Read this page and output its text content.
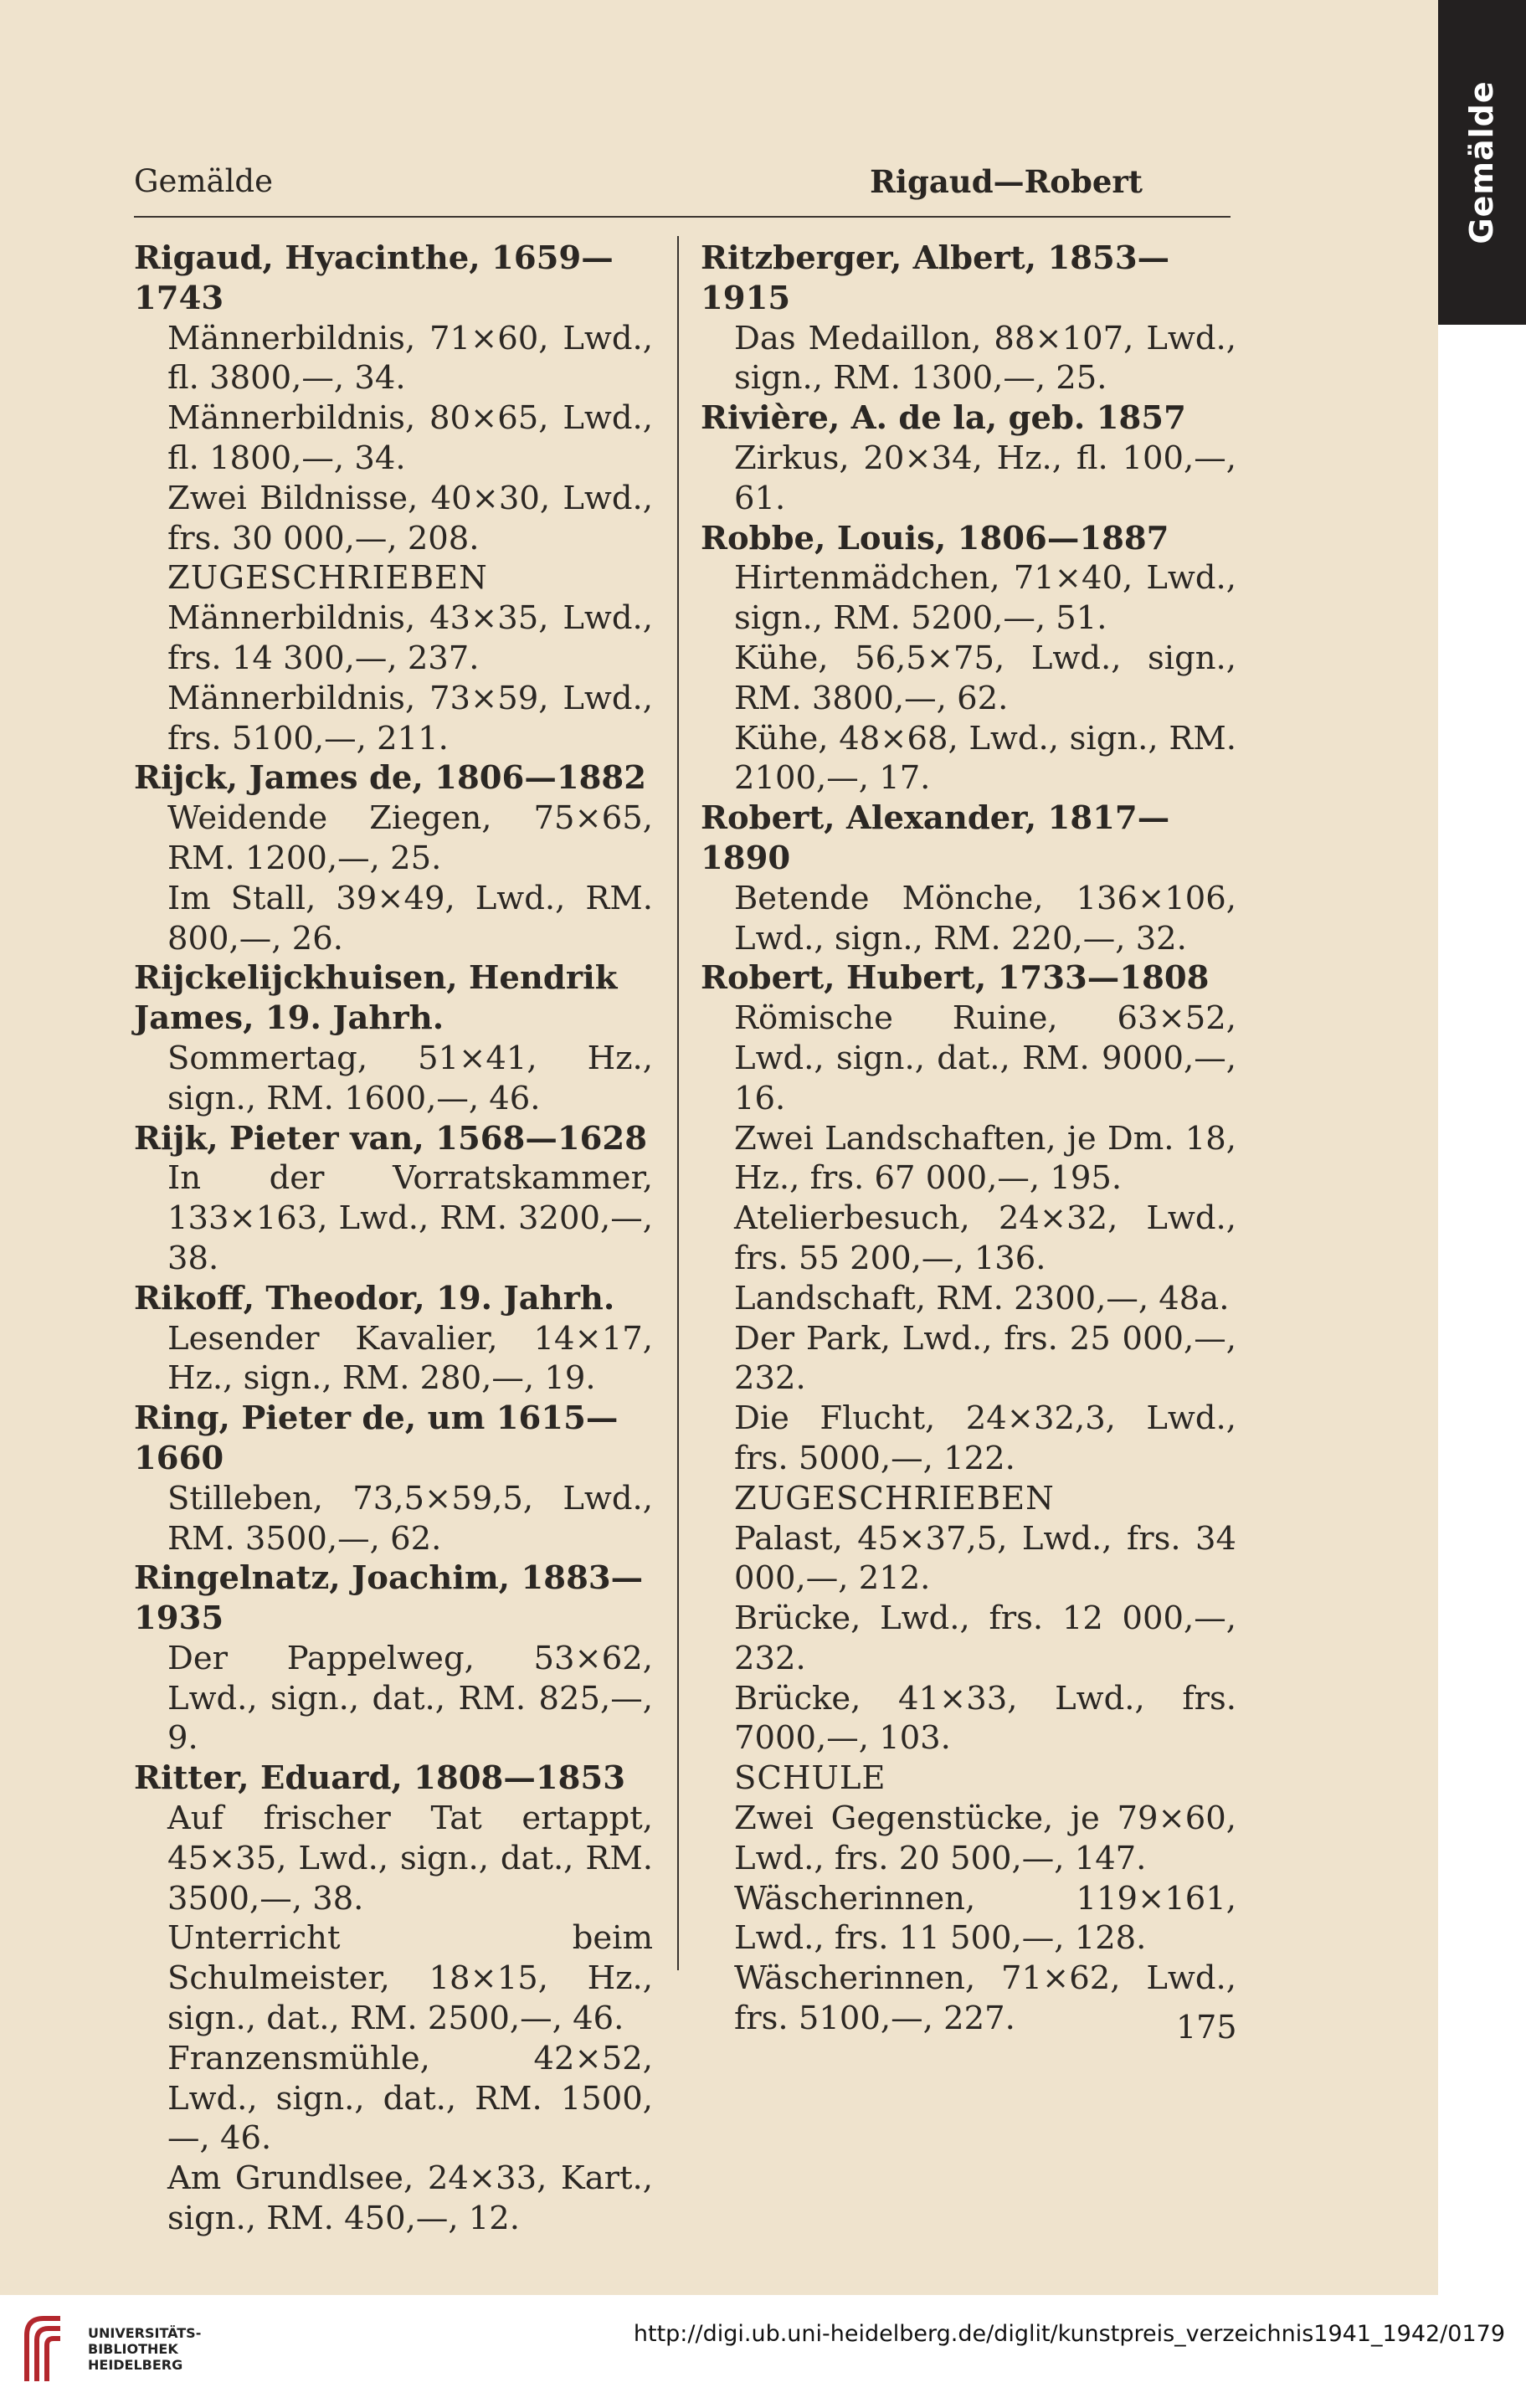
Gemälde	Rigaud—Robert
Rigaud, Hyacinthe, 1659—1743
Männerbildnis, 71×60, Lwd., fl. 3800,—, 34.
Männerbildnis, 80×65, Lwd., fl. 1800,—, 34.
Zwei Bildnisse, 40×30, Lwd., frs. 30 000,—, 208.
ZUGESCHRIEBEN
Männerbildnis, 43×35, Lwd., frs. 14 300,—, 237.
Männerbildnis, 73×59, Lwd., frs. 5100,—, 211.
Rijck, James de, 1806—1882
Weidende Ziegen, 75×65, RM. 1200,—, 25.
Im Stall, 39×49, Lwd., RM. 800,—, 26.
Rijckelijckhuisen, Hendrik James, 19. Jahrh.
Sommertag, 51×41, Hz., sign., RM. 1600,—, 46.
Rijk, Pieter van, 1568—1628
In der Vorratskammer, 133×163, Lwd., RM. 3200,—, 38.
Rikoff, Theodor, 19. Jahrh.
Lesender Kavalier, 14×17, Hz., sign., RM. 280,—, 19.
Ring, Pieter de, um 1615—1660
Stilleben, 73,5×59,5, Lwd., RM. 3500,—, 62.
Ringelnatz, Joachim, 1883—1935
Der Pappelweg, 53×62, Lwd., sign., dat., RM. 825,—, 9.
Ritter, Eduard, 1808—1853
Auf frischer Tat ertappt, 45×35, Lwd., sign., dat., RM. 3500,—, 38.
Unterricht beim Schulmeister, 18×15, Hz., sign., dat., RM. 2500,—, 46.
Franzensmühle, 42×52, Lwd., sign., dat., RM. 1500,—, 46.
Am Grundlsee, 24×33, Kart., sign., RM. 450,—, 12.
Ritzberger, Albert, 1853—1915
Das Medaillon, 88×107, Lwd., sign., RM. 1300,—, 25.
Rivière, A. de la, geb. 1857
Zirkus, 20×34, Hz., fl. 100,—, 61.
Robbe, Louis, 1806—1887
Hirtenmädchen, 71×40, Lwd., sign., RM. 5200,—, 51.
Kühe, 56,5×75, Lwd., sign., RM. 3800,—, 62.
Kühe, 48×68, Lwd., sign., RM. 2100,—, 17.
Robert, Alexander, 1817—1890
Betende Mönche, 136×106, Lwd., sign., RM. 220,—, 32.
Robert, Hubert, 1733—1808
Römische Ruine, 63×52, Lwd., sign., dat., RM. 9000,—, 16.
Zwei Landschaften, je Dm. 18, Hz., frs. 67 000,—, 195.
Atelierbesuch, 24×32, Lwd., frs. 55 200,—, 136.
Landschaft, RM. 2300,—, 48a.
Der Park, Lwd., frs. 25 000,—, 232.
Die Flucht, 24×32,3, Lwd., frs. 5000,—, 122.
ZUGESCHRIEBEN
Palast, 45×37,5, Lwd., frs. 34 000,—, 212.
Brücke, Lwd., frs. 12 000,—, 232.
Brücke, 41×33, Lwd., frs. 7000,—, 103.
SCHULE
Zwei Gegenstücke, je 79×60, Lwd., frs. 20 500,—, 147.
Wäscherinnen, 119×161, Lwd., frs. 11 500,—, 128.
Wäscherinnen, 71×62, Lwd., frs. 5100,—, 227.	175
Gemälde
UNIVERSITÄTS-
BIBLIOTHEK
HEIDELBERG
http://digi.ub.uni-heidelberg.de/diglit/kunstpreis_verzeichnis1941_1942/0179
